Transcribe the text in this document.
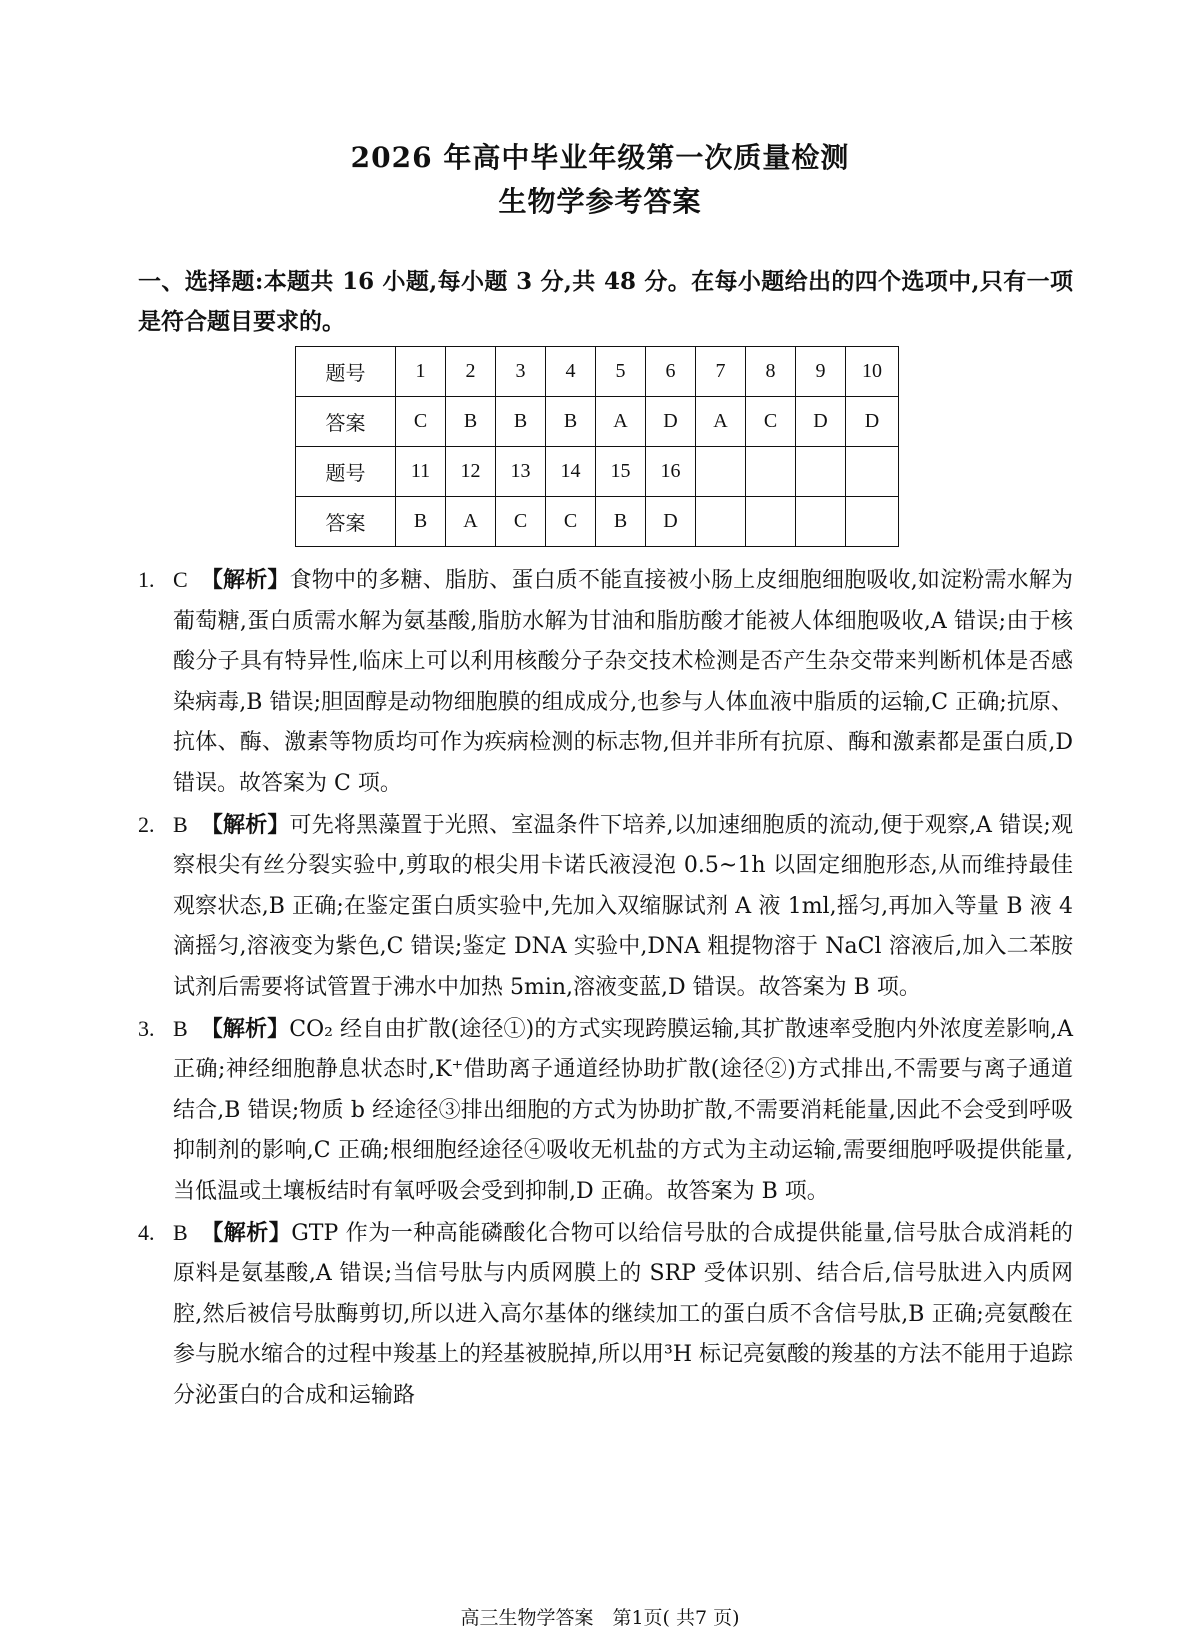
2026 年高中毕业年级第一次质量检测
生物学参考答案
一、选择题:本题共 16 小题,每小题 3 分,共 48 分。在每小题给出的四个选项中,只有一项是符合题目要求的。
题号	1	2	3	4	5	6	7	8	9	10
答案	C	B	B	B	A	D	A	C	D	D
题号	11	12	13	14	15	16				
答案	B	A	C	C	B	D				
1. C 【解析】食物中的多糖、脂肪、蛋白质不能直接被小肠上皮细胞细胞吸收,如淀粉需水解为葡萄糖,蛋白质需水解为氨基酸,脂肪水解为甘油和脂肪酸才能被人体细胞吸收,A 错误;由于核酸分子具有特异性,临床上可以利用核酸分子杂交技术检测是否产生杂交带来判断机体是否感染病毒,B 错误;胆固醇是动物细胞膜的组成成分,也参与人体血液中脂质的运输,C 正确;抗原、抗体、酶、激素等物质均可作为疾病检测的标志物,但并非所有抗原、酶和激素都是蛋白质,D 错误。故答案为 C 项。
2. B 【解析】可先将黑藻置于光照、室温条件下培养,以加速细胞质的流动,便于观察,A 错误;观察根尖有丝分裂实验中,剪取的根尖用卡诺氏液浸泡 0.5~1h 以固定细胞形态,从而维持最佳观察状态,B 正确;在鉴定蛋白质实验中,先加入双缩脲试剂 A 液 1ml,摇匀,再加入等量 B 液 4 滴摇匀,溶液变为紫色,C 错误;鉴定 DNA 实验中,DNA 粗提物溶于 NaCl 溶液后,加入二苯胺试剂后需要将试管置于沸水中加热 5min,溶液变蓝,D 错误。故答案为 B 项。
3. B 【解析】CO₂ 经自由扩散(途径①)的方式实现跨膜运输,其扩散速率受胞内外浓度差影响,A 正确;神经细胞静息状态时,K⁺借助离子通道经协助扩散(途径②)方式排出,不需要与离子通道结合,B 错误;物质 b 经途径③排出细胞的方式为协助扩散,不需要消耗能量,因此不会受到呼吸抑制剂的影响,C 正确;根细胞经途径④吸收无机盐的方式为主动运输,需要细胞呼吸提供能量,当低温或土壤板结时有氧呼吸会受到抑制,D 正确。故答案为 B 项。
4. B 【解析】GTP 作为一种高能磷酸化合物可以给信号肽的合成提供能量,信号肽合成消耗的原料是氨基酸,A 错误;当信号肽与内质网膜上的 SRP 受体识别、结合后,信号肽进入内质网腔,然后被信号肽酶剪切,所以进入高尔基体的继续加工的蛋白质不含信号肽,B 正确;亮氨酸在参与脱水缩合的过程中羧基上的羟基被脱掉,所以用³H 标记亮氨酸的羧基的方法不能用于追踪分泌蛋白的合成和运输路
高三生物学答案　第1页( 共7 页)
